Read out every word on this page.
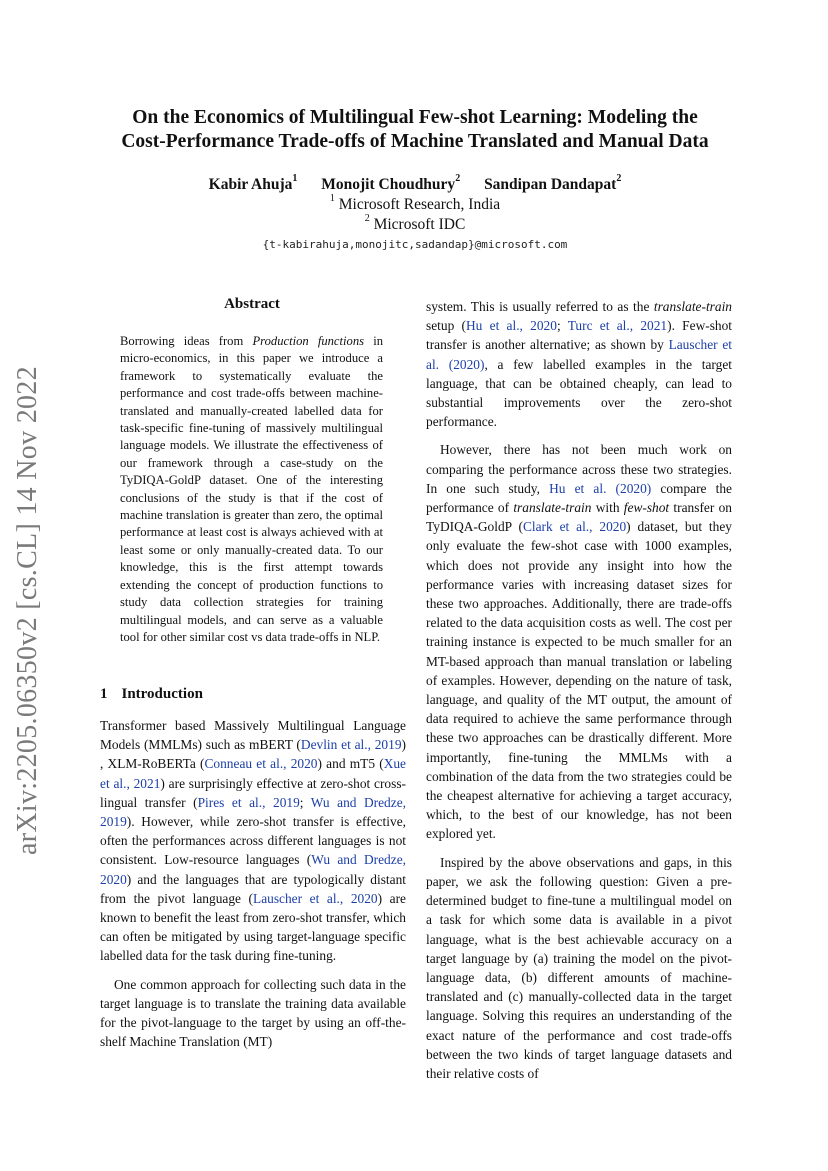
arXiv:2205.06350v2 [cs.CL] 14 Nov 2022
On the Economics of Multilingual Few-shot Learning: Modeling the
Cost-Performance Trade-offs of Machine Translated and Manual Data
Kabir Ahuja$^1$ Monojit Choudhury$^2$ Sandipan Dandapat$^2$
$^1$ Microsoft Research, India
$^2$ Microsoft IDC
{t-kabirahuja,monojitc,sadandap}@microsoft.com
Abstract
Borrowing ideas from Production functions in micro-economics, in this paper we introduce a framework to systematically evaluate the performance and cost trade-offs between machine-translated and manually-created labelled data for task-specific fine-tuning of massively multilingual language models. We illustrate the effectiveness of our framework through a case-study on the TyDIQA-GoldP dataset. One of the interesting conclusions of the study is that if the cost of machine translation is greater than zero, the optimal performance at least cost is always achieved with at least some or only manually-created data. To our knowledge, this is the first attempt towards extending the concept of production functions to study data collection strategies for training multilingual models, and can serve as a valuable tool for other similar cost vs data trade-offs in NLP.
1 Introduction

Transformer based Massively Multilingual Language Models (MMLMs) such as mBERT (Devlin et al., 2019) , XLM-RoBERTa (Conneau et al., 2020) and mT5 (Xue et al., 2021) are surprisingly effective at zero-shot cross-lingual transfer (Pires et al., 2019; Wu and Dredze, 2019). However, while zero-shot transfer is effective, often the performances across different languages is not consistent. Low-resource languages (Wu and Dredze, 2020) and the languages that are typologically distant from the pivot language (Lauscher et al., 2020) are known to benefit the least from zero-shot transfer, which can often be mitigated by using target-language specific labelled data for the task during fine-tuning.

One common approach for collecting such data in the target language is to translate the training data available for the pivot-language to the target by using an off-the-shelf Machine Translation (MT)

system. This is usually referred to as the translate-train setup (Hu et al., 2020; Turc et al., 2021). Few-shot transfer is another alternative; as shown by Lauscher et al. (2020), a few labelled examples in the target language, that can be obtained cheaply, can lead to substantial improvements over the zero-shot performance.

However, there has not been much work on comparing the performance across these two strategies. In one such study, Hu et al. (2020) compare the performance of translate-train with few-shot transfer on TyDIQA-GoldP (Clark et al., 2020) dataset, but they only evaluate the few-shot case with 1000 examples, which does not provide any insight into how the performance varies with increasing dataset sizes for these two approaches. Additionally, there are trade-offs related to the data acquisition costs as well. The cost per training instance is expected to be much smaller for an MT-based approach than manual translation or labeling of examples. However, depending on the nature of task, language, and quality of the MT output, the amount of data required to achieve the same performance through these two approaches can be drastically different. More importantly, fine-tuning the MMLMs with a combination of the data from the two strategies could be the cheapest alternative for achieving a target accuracy, which, to the best of our knowledge, has not been explored yet.

Inspired by the above observations and gaps, in this paper, we ask the following question: Given a pre-determined budget to fine-tune a multilingual model on a task for which some data is available in a pivot language, what is the best achievable accuracy on a target language by (a) training the model on the pivot-language data, (b) different amounts of machine-translated and (c) manually-collected data in the target language. Solving this requires an understanding of the exact nature of the performance and cost trade-offs between the two kinds of target language datasets and their relative costs of
